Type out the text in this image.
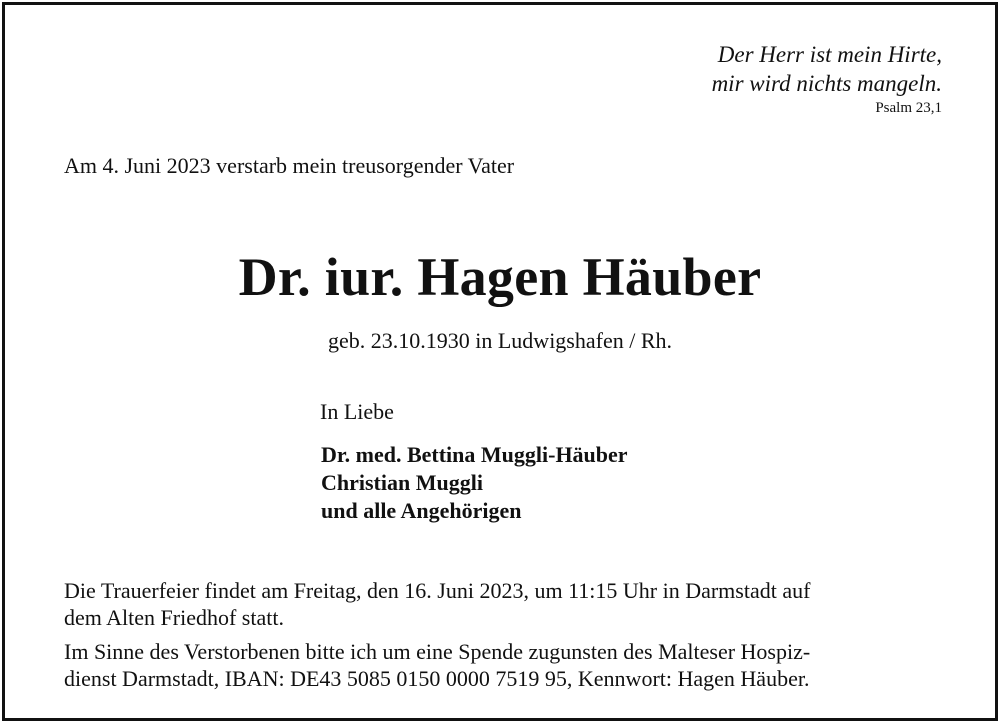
Der Herr ist mein Hirte,
mir wird nichts mangeln.
Psalm 23,1
Am 4. Juni 2023 verstarb mein treusorgender Vater
Dr. iur. Hagen Häuber
geb. 23.10.1930 in Ludwigshafen / Rh.
In Liebe
Dr. med. Bettina Muggli-Häuber
Christian Muggli
und alle Angehörigen
Die Trauerfeier findet am Freitag, den 16. Juni 2023, um 11:15 Uhr in Darmstadt auf
dem Alten Friedhof statt.
Im Sinne des Verstorbenen bitte ich um eine Spende zugunsten des Malteser Hospiz-
dienst Darmstadt, IBAN: DE43 5085 0150 0000 7519 95, Kennwort: Hagen Häuber.
